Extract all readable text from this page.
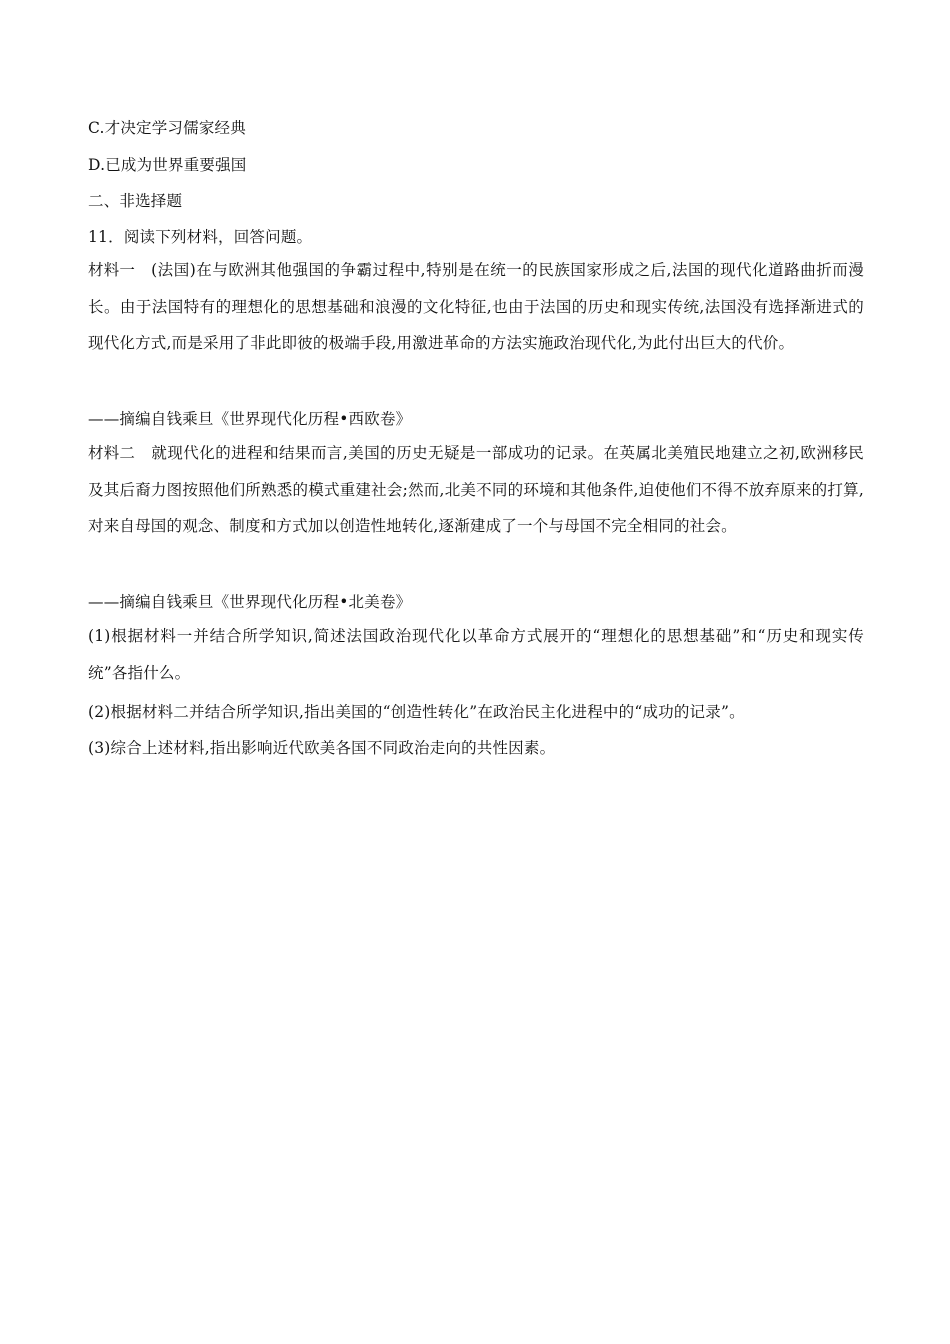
C.才决定学习儒家经典
D.已成为世界重要强国
二、非选择题
11．阅读下列材料，回答问题。
材料一 (法国)在与欧洲其他强国的争霸过程中,特别是在统一的民族国家形成之后,法国的现代化道路曲折而漫长。由于法国特有的理想化的思想基础和浪漫的文化特征,也由于法国的历史和现实传统,法国没有选择渐进式的现代化方式,而是采用了非此即彼的极端手段,用激进革命的方法实施政治现代化,为此付出巨大的代价。
——摘编自钱乘旦《世界现代化历程•西欧卷》
材料二 就现代化的进程和结果而言,美国的历史无疑是一部成功的记录。在英属北美殖民地建立之初,欧洲移民及其后裔力图按照他们所熟悉的模式重建社会;然而,北美不同的环境和其他条件,迫使他们不得不放弃原来的打算,对来自母国的观念、制度和方式加以创造性地转化,逐渐建成了一个与母国不完全相同的社会。
——摘编自钱乘旦《世界现代化历程•北美卷》
(1)根据材料一并结合所学知识,简述法国政治现代化以革命方式展开的“理想化的思想基础”和“历史和现实传统”各指什么。
(2)根据材料二并结合所学知识,指出美国的“创造性转化”在政治民主化进程中的“成功的记录”。
(3)综合上述材料,指出影响近代欧美各国不同政治走向的共性因素。
